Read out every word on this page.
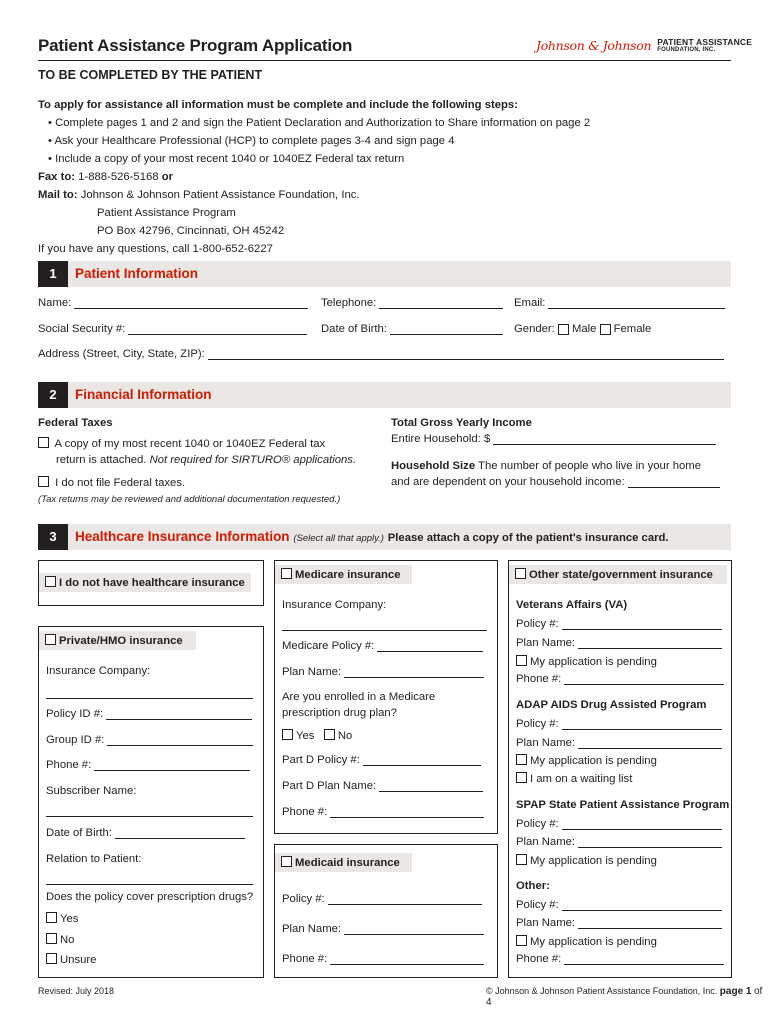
Patient Assistance Program Application	Johnson & Johnson PATIENT ASSISTANCE
FOUNDATION, INC.
TO BE COMPLETED BY THE PATIENT
To apply for assistance all information must be complete and include the following steps:
• Complete pages 1 and 2 and sign the Patient Declaration and Authorization to Share information on page 2
• Ask your Healthcare Professional (HCP) to complete pages 3-4 and sign page 4
• Include a copy of your most recent 1040 or 1040EZ Federal tax return
Fax to: 1-888-526-5168 or
Mail to: Johnson & Johnson Patient Assistance Foundation, Inc.
Patient Assistance Program
PO Box 42796, Cincinnati, OH 45242
If you have any questions, call 1-800-652-6227
1	Patient Information
Name:	Telephone:	Email:
Social Security #:	Date of Birth:	Gender:
Male
Female
Address (Street, City, State, ZIP):
2	Financial Information
Federal Taxes
A copy of my most recent 1040 or 1040EZ Federal tax
return is attached. Not required for SIRTURO® applications.
I do not file Federal taxes.
(Tax returns may be reviewed and additional documentation requested.)
Total Gross Yearly Income
Entire Household: $
Household Size The number of people who live in your home
and are dependent on your household income:
3	Healthcare Insurance Information (Select all that apply.) Please attach a copy of the patient's insurance card.
I do not have healthcare insurance
Private/HMO insurance
Insurance Company:
Policy ID #:
Group ID #:
Phone #:
Subscriber Name:
Date of Birth:
Relation to Patient:
Does the policy cover prescription drugs?
Yes
No
Unsure
Medicare insurance
Insurance Company:
Medicare Policy #:
Plan Name:
Are you enrolled in a Medicare
prescription drug plan?
Yes No
Part D Policy #:
Part D Plan Name:
Phone #:
Medicaid insurance
Policy #:
Plan Name:
Phone #:
Other state/government insurance
Veterans Affairs (VA)
Policy #:
Plan Name:
My application is pending
Phone #:
ADAP AIDS Drug Assisted Program
Policy #:
Plan Name:
My application is pending
I am on a waiting list
SPAP State Patient Assistance Program
Policy #:
Plan Name:
My application is pending
Other:
Policy #:
Plan Name:
My application is pending
Phone #:
Revised: July 2018	© Johnson & Johnson Patient Assistance Foundation, Inc. page 1 of 4
